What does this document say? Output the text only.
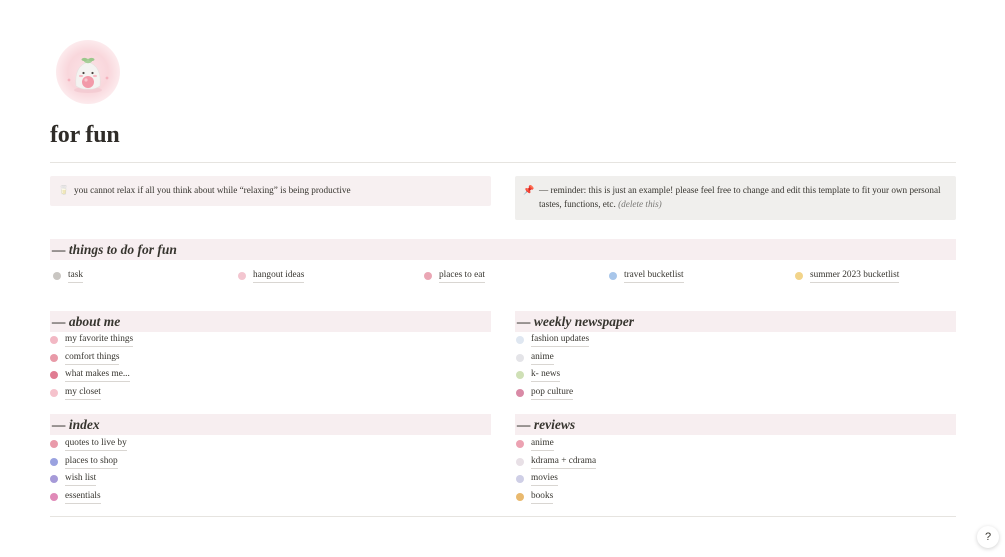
for fun
🥛 you cannot relax if all you think about while “relaxing” is being productive	📌 — reminder: this is just an example! please feel free to change and edit this template to fit your own personal tastes, functions, etc. (delete this)
— things to do for fun
task	hangout ideas	places to eat	travel bucketlist	summer 2023 bucketlist
— about me	— weekly newspaper
my favorite things
comfort things
what makes me...
my closet
fashion updates
anime
k- news
pop culture
— index	— reviews
quotes to live by
places to shop
wish list
essentials
anime
kdrama + cdrama
movies
books
?
